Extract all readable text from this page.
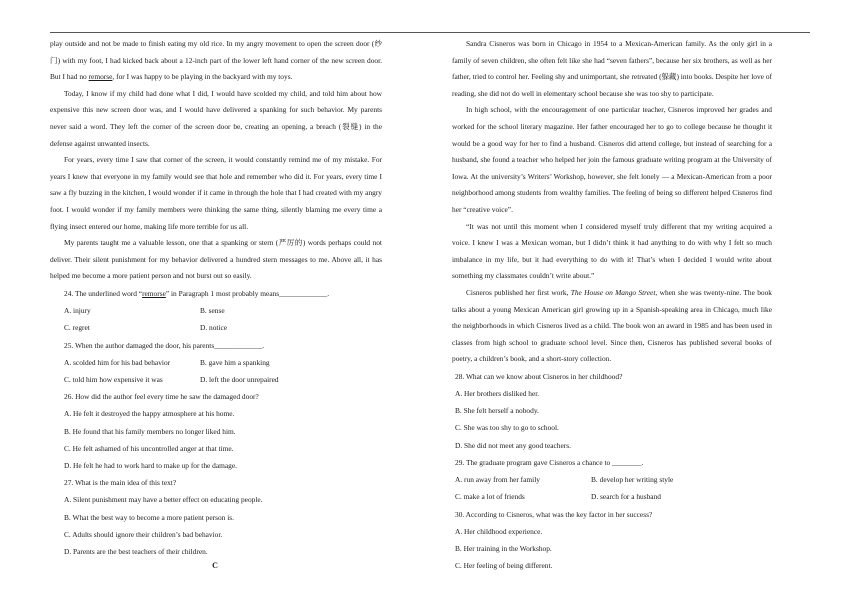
play outside and not be made to finish eating my old rice. In my angry movement to open the screen door (纱门) with my foot, I had kicked back about a 12-inch part of the lower left hand corner of the new screen door. But I had no remorse, for I was happy to be playing in the backyard with my toys.

Today, I know if my child had done what I did, I would have scolded my child, and told him about how expensive this new screen door was, and I would have delivered a spanking for such behavior. My parents never said a word. They left the corner of the screen door be, creating an opening, a breach (裂缝) in the defense against unwanted insects.

For years, every time I saw that corner of the screen, it would constantly remind me of my mistake. For years I knew that everyone in my family would see that hole and remember who did it. For years, every time I saw a fly buzzing in the kitchen, I would wonder if it came in through the hole that I had created with my angry foot. I would wonder if my family members were thinking the same thing, silently blaming me every time a flying insect entered our home, making life more terrible for us all.

My parents taught me a valuable lesson, one that a spanking or stern (严厉的) words perhaps could not deliver. Their silent punishment for my behavior delivered a hundred stern messages to me. Above all, it has helped me become a more patient person and not burst out so easily.

24. The underlined word “remorse” in Paragraph 1 most probably means_____________.

A. injury	B. sense
C. regret	D. notice

25. When the author damaged the door, his parents_____________.

A. scolded him for his bad behavior	B. gave him a spanking
C. told him how expensive it was	D. left the door unrepaired

26. How did the author feel every time he saw the damaged door?

A. He felt it destroyed the happy atmosphere at his home.

B. He found that his family members no longer liked him.

C. He felt ashamed of his uncontrolled anger at that time.

D. He felt he had to work hard to make up for the damage.

27. What is the main idea of this text?

A. Silent punishment may have a better effect on educating people.

B. What the best way to become a more patient person is.

C. Adults should ignore their children’s bad behavior.

D. Parents are the best teachers of their children.

Sandra Cisneros was born in Chicago in 1954 to a Mexican-American family. As the only girl in a family of seven children, she often felt like she had “seven fathers”, because her six brothers, as well as her father, tried to control her. Feeling shy and unimportant, she retreated (躲藏) into books. Despite her love of reading, she did not do well in elementary school because she was too shy to participate.

In high school, with the encouragement of one particular teacher, Cisneros improved her grades and worked for the school literary magazine. Her father encouraged her to go to college because he thought it would be a good way for her to find a husband. Cisneros did attend college, but instead of searching for a husband, she found a teacher who helped her join the famous graduate writing program at the University of Iowa. At the university’s Writers’ Workshop, however, she felt lonely — a Mexican-American from a poor neighborhood among students from wealthy families. The feeling of being so different helped Cisneros find her “creative voice”.

“It was not until this moment when I considered myself truly different that my writing acquired a voice. I knew I was a Mexican woman, but I didn’t think it had anything to do with why I felt so much imbalance in my life, but it had everything to do with it! That’s when I decided I would write about something my classmates couldn’t write about.”

Cisneros published her first work, The House on Mango Street, when she was twenty-nine. The book talks about a young Mexican American girl growing up in a Spanish-speaking area in Chicago, much like the neighborhoods in which Cisneros lived as a child. The book won an award in 1985 and has been used in classes from high school to graduate school level. Since then, Cisneros has published several books of poetry, a children’s book, and a short-story collection.

28. What can we know about Cisneros in her childhood?

A. Her brothers disliked her.

B. She felt herself a nobody.

C. She was too shy to go to school.

D. She did not meet any good teachers.

29. The graduate program gave Cisneros a chance to ________.

A. run away from her family	B. develop her writing style
C. make a lot of friends	D. search for a husband

30. According to Cisneros, what was the key factor in her success?

A. Her childhood experience.

B. Her training in the Workshop.

C. Her feeling of being different.

C
